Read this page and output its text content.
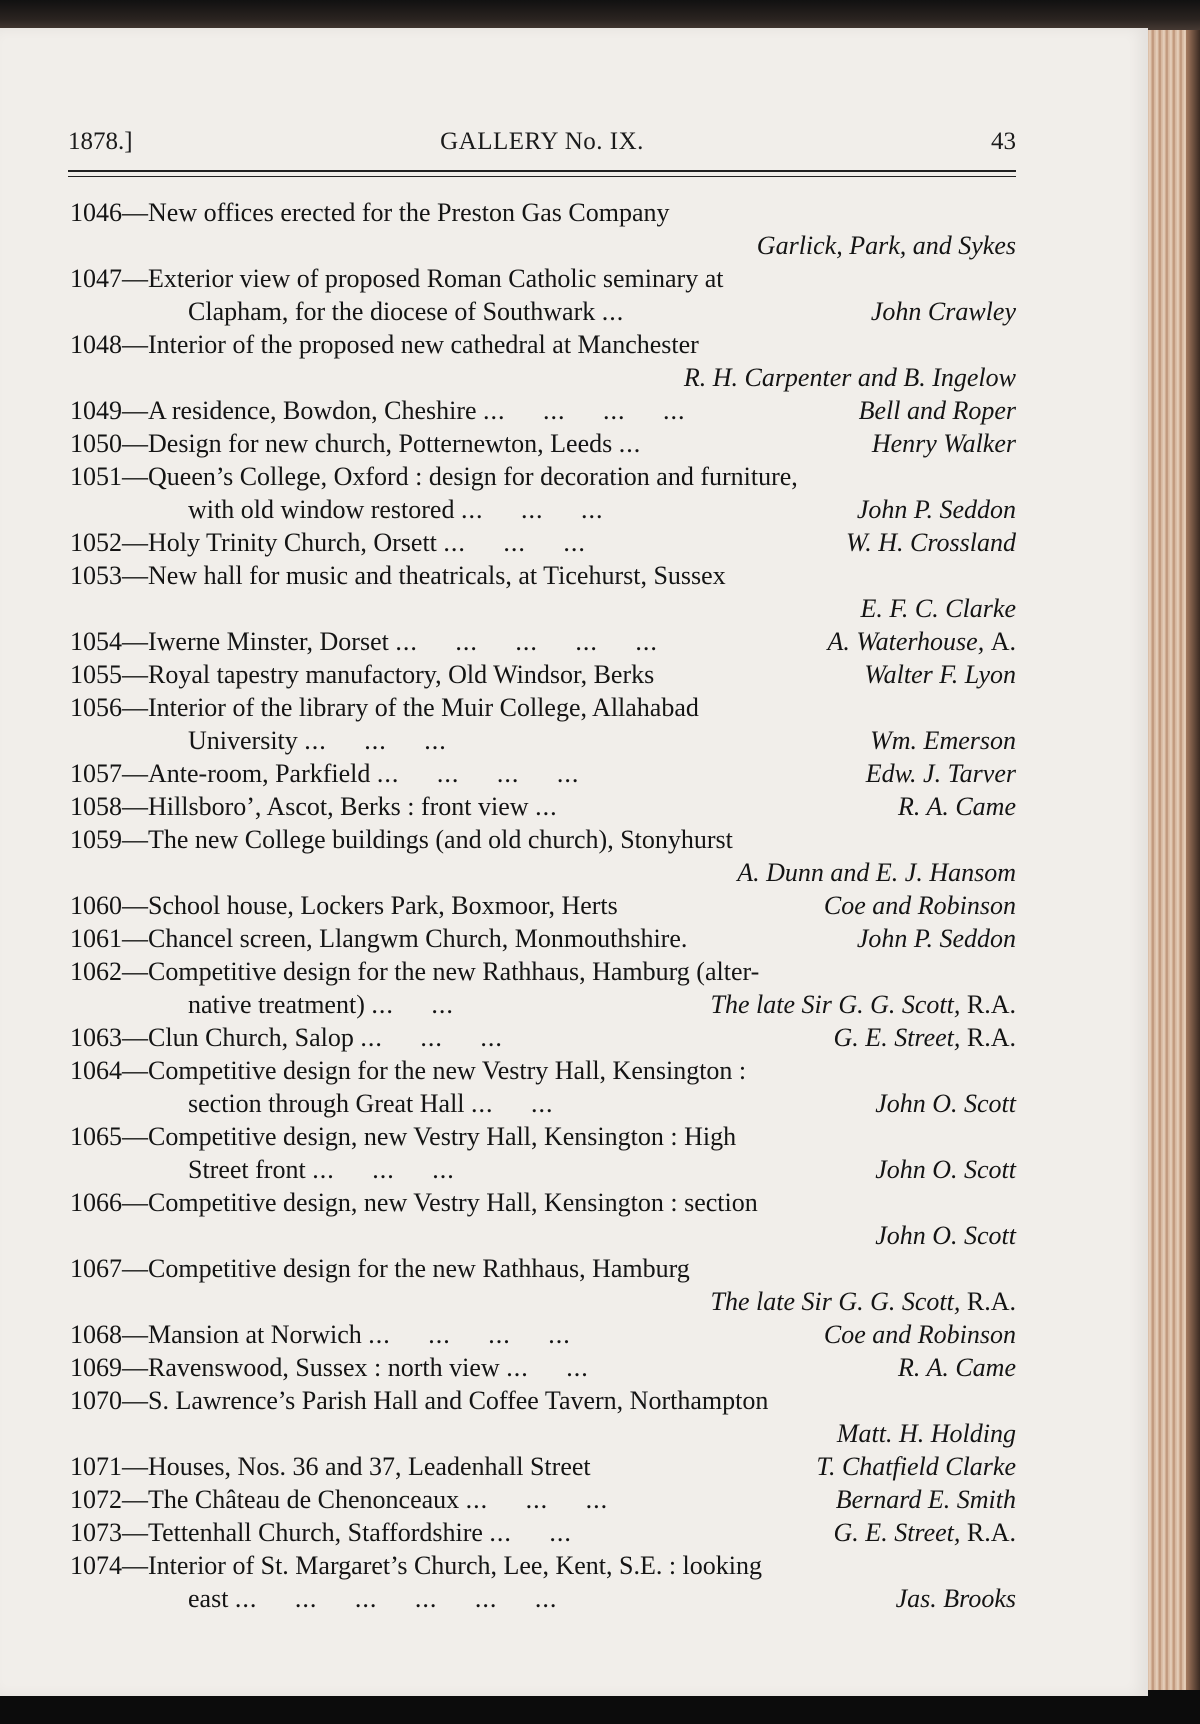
GALLERY No. IX.
1878.]	43
1046—New offices erected for the Preston Gas Company
Garlick, Park, and Sykes
1047—Exterior view of proposed Roman Catholic seminary at
Clapham, for the diocese of Southwark ...	John Crawley
1048—Interior of the proposed new cathedral at Manchester
R. H. Carpenter and B. Ingelow
1049—A residence, Bowdon, Cheshire ...     ...     ...     ...	Bell and Roper
1050—Design for new church, Potternewton, Leeds ...	Henry Walker
1051—Queen’s College, Oxford : design for decoration and furniture,
with old window restored ...     ...     ...	John P. Seddon
1052—Holy Trinity Church, Orsett ...     ...     ...	W. H. Crossland
1053—New hall for music and theatricals, at Ticehurst, Sussex
E. F. C. Clarke
1054—Iwerne Minster, Dorset ...     ...     ...     ...     ...	A. Waterhouse, A.
1055—Royal tapestry manufactory, Old Windsor, Berks	Walter F. Lyon
1056—Interior of the library of the Muir College, Allahabad
University ...     ...     ...	Wm. Emerson
1057—Ante-room, Parkfield ...     ...     ...     ...	Edw. J. Tarver
1058—Hillsboro’, Ascot, Berks : front view ...	R. A. Came
1059—The new College buildings (and old church), Stonyhurst
A. Dunn and E. J. Hansom
1060—School house, Lockers Park, Boxmoor, Herts	Coe and Robinson
1061—Chancel screen, Llangwm Church, Monmouthshire.	John P. Seddon
1062—Competitive design for the new Rathhaus, Hamburg (alter-
native treatment) ...     ...	The late Sir G. G. Scott, R.A.
1063—Clun Church, Salop ...     ...     ...	G. E. Street, R.A.
1064—Competitive design for the new Vestry Hall, Kensington :
section through Great Hall ...     ...	John O. Scott
1065—Competitive design, new Vestry Hall, Kensington : High
Street front ...     ...     ...	John O. Scott
1066—Competitive design, new Vestry Hall, Kensington : section
John O. Scott
1067—Competitive design for the new Rathhaus, Hamburg
The late Sir G. G. Scott, R.A.
1068—Mansion at Norwich ...     ...     ...     ...	Coe and Robinson
1069—Ravenswood, Sussex : north view ...     ...	R. A. Came
1070—S. Lawrence’s Parish Hall and Coffee Tavern, Northampton
Matt. H. Holding
1071—Houses, Nos. 36 and 37, Leadenhall Street	T. Chatfield Clarke
1072—The Château de Chenonceaux ...     ...     ...	Bernard E. Smith
1073—Tettenhall Church, Staffordshire ...     ...	G. E. Street, R.A.
1074—Interior of St. Margaret’s Church, Lee, Kent, S.E. : looking
east ...     ...     ...     ...     ...     ...	Jas. Brooks
